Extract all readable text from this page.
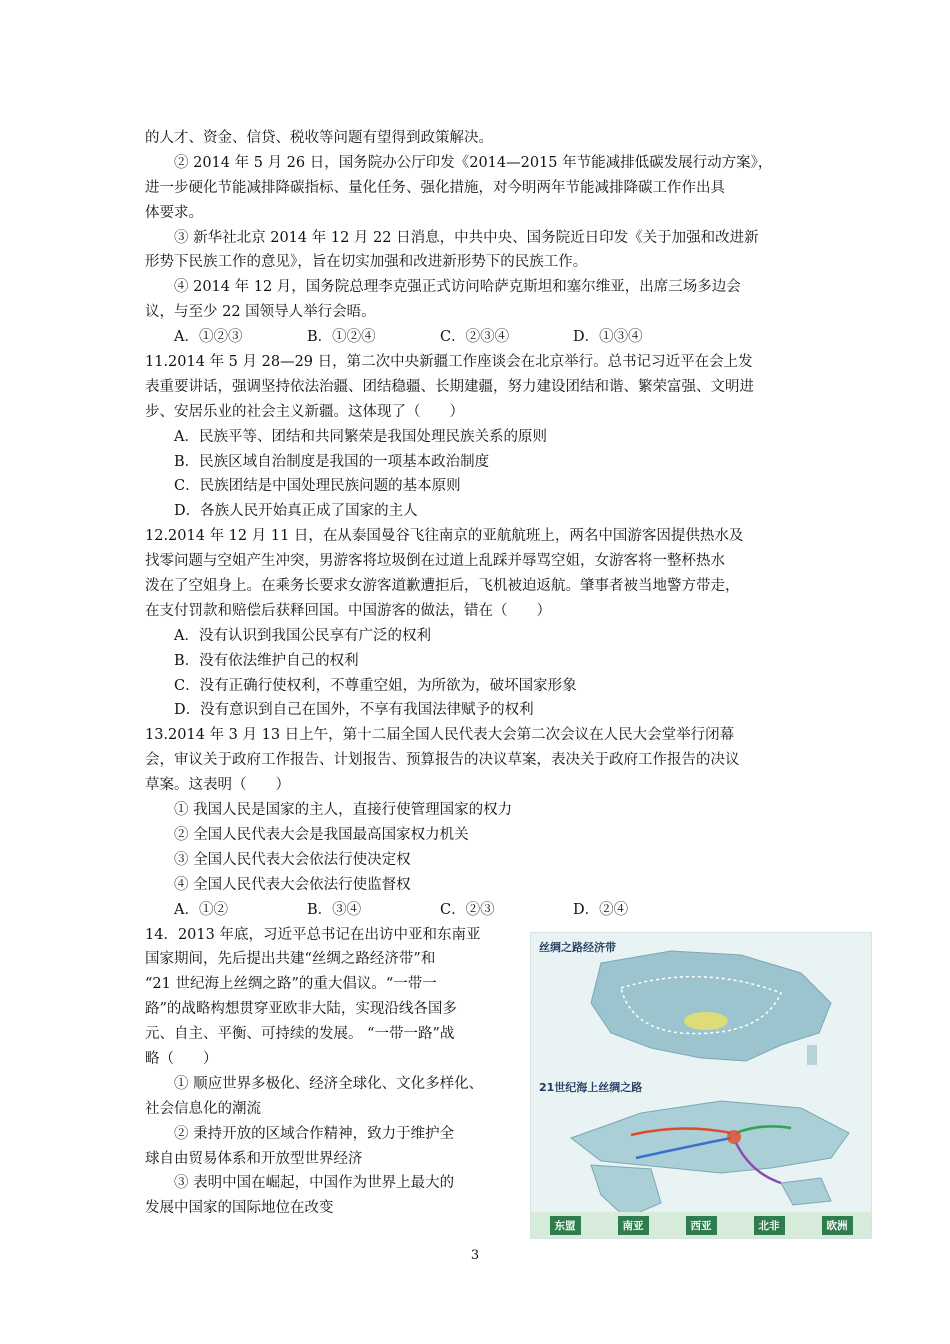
的人才、资金、信贷、税收等问题有望得到政策解决。
② 2014 年 5 月 26 日，国务院办公厅印发《2014—2015 年节能减排低碳发展行动方案》，
进一步硬化节能减排降碳指标、量化任务、强化措施，对今明两年节能减排降碳工作作出具
体要求。
③ 新华社北京 2014 年 12 月 22 日消息，中共中央、国务院近日印发《关于加强和改进新
形势下民族工作的意见》，旨在切实加强和改进新形势下的民族工作。
④ 2014 年 12 月，国务院总理李克强正式访问哈萨克斯坦和塞尔维亚，出席三场多边会
议，与至少 22 国领导人举行会晤。
A．①②③	B．①②④	C．②③④	D．①③④
11.2014 年 5 月 28—29 日，第二次中央新疆工作座谈会在北京举行。总书记习近平在会上发
表重要讲话，强调坚持依法治疆、团结稳疆、长期建疆，努力建设团结和谐、繁荣富强、文明进
步、安居乐业的社会主义新疆。这体现了（　　）
A．民族平等、团结和共同繁荣是我国处理民族关系的原则
B．民族区域自治制度是我国的一项基本政治制度
C．民族团结是中国处理民族问题的基本原则
D．各族人民开始真正成了国家的主人
12.2014 年 12 月 11 日，在从泰国曼谷飞往南京的亚航航班上，两名中国游客因提供热水及
找零问题与空姐产生冲突，男游客将垃圾倒在过道上乱踩并辱骂空姐，女游客将一整杯热水
泼在了空姐身上。在乘务长要求女游客道歉遭拒后，飞机被迫返航。肇事者被当地警方带走，
在支付罚款和赔偿后获释回国。中国游客的做法，错在（　　）
A．没有认识到我国公民享有广泛的权利
B．没有依法维护自己的权利
C．没有正确行使权利，不尊重空姐，为所欲为，破坏国家形象
D．没有意识到自己在国外，不享有我国法律赋予的权利
13.2014 年 3 月 13 日上午，第十二届全国人民代表大会第二次会议在人民大会堂举行闭幕
会，审议关于政府工作报告、计划报告、预算报告的决议草案，表决关于政府工作报告的决议
草案。这表明（　　）
① 我国人民是国家的主人，直接行使管理国家的权力
② 全国人民代表大会是我国最高国家权力机关
③ 全国人民代表大会依法行使决定权
④ 全国人民代表大会依法行使监督权
A．①②	B．③④	C．②③	D．②④
14．2013 年底，习近平总书记在出访中亚和东南亚
国家期间，先后提出共建“丝绸之路经济带”和
“21 世纪海上丝绸之路”的重大倡议。“一带一
路”的战略构想贯穿亚欧非大陆，实现沿线各国多
元、自主、平衡、可持续的发展。 “一带一路”战
略（　　）
① 顺应世界多极化、经济全球化、文化多样化、
社会信息化的潮流
② 秉持开放的区域合作精神，致力于维护全
球自由贸易体系和开放型世界经济
③ 表明中国在崛起，中国作为世界上最大的
发展中国家的国际地位在改变
丝绸之路经济带
21世纪海上丝绸之路
东盟	南亚	西亚	北非	欧洲
3
